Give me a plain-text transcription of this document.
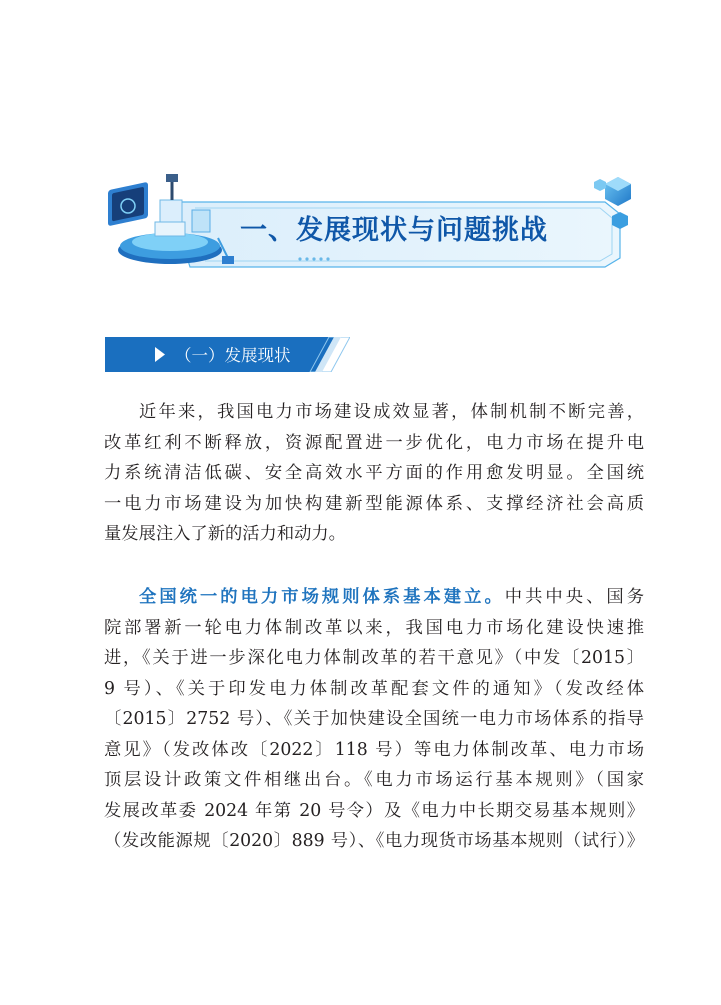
一、发展现状与问题挑战
（一）发展现状
近年来，我国电力市场建设成效显著，体制机制不断完善，
改革红利不断释放，资源配置进一步优化，电力市场在提升电
力系统清洁低碳、安全高效水平方面的作用愈发明显。全国统
一电力市场建设为加快构建新型能源体系、支撑经济社会高质
量发展注入了新的活力和动力。
全国统一的电力市场规则体系基本建立。中共中央、国务
院部署新一轮电力体制改革以来，我国电力市场化建设快速推
进，《关于进一步深化电力体制改革的若干意见》（中发〔2015〕
9 号）、《关于印发电力体制改革配套文件的通知》（发改经体
〔2015〕2752 号）、《关于加快建设全国统一电力市场体系的指导
意见》（发改体改〔2022〕118 号）等电力体制改革、电力市场
顶层设计政策文件相继出台。《电力市场运行基本规则》（国家
发展改革委 2024 年第 20 号令）及《电力中长期交易基本规则》
（发改能源规〔2020〕889 号）、《电力现货市场基本规则（试行）》
